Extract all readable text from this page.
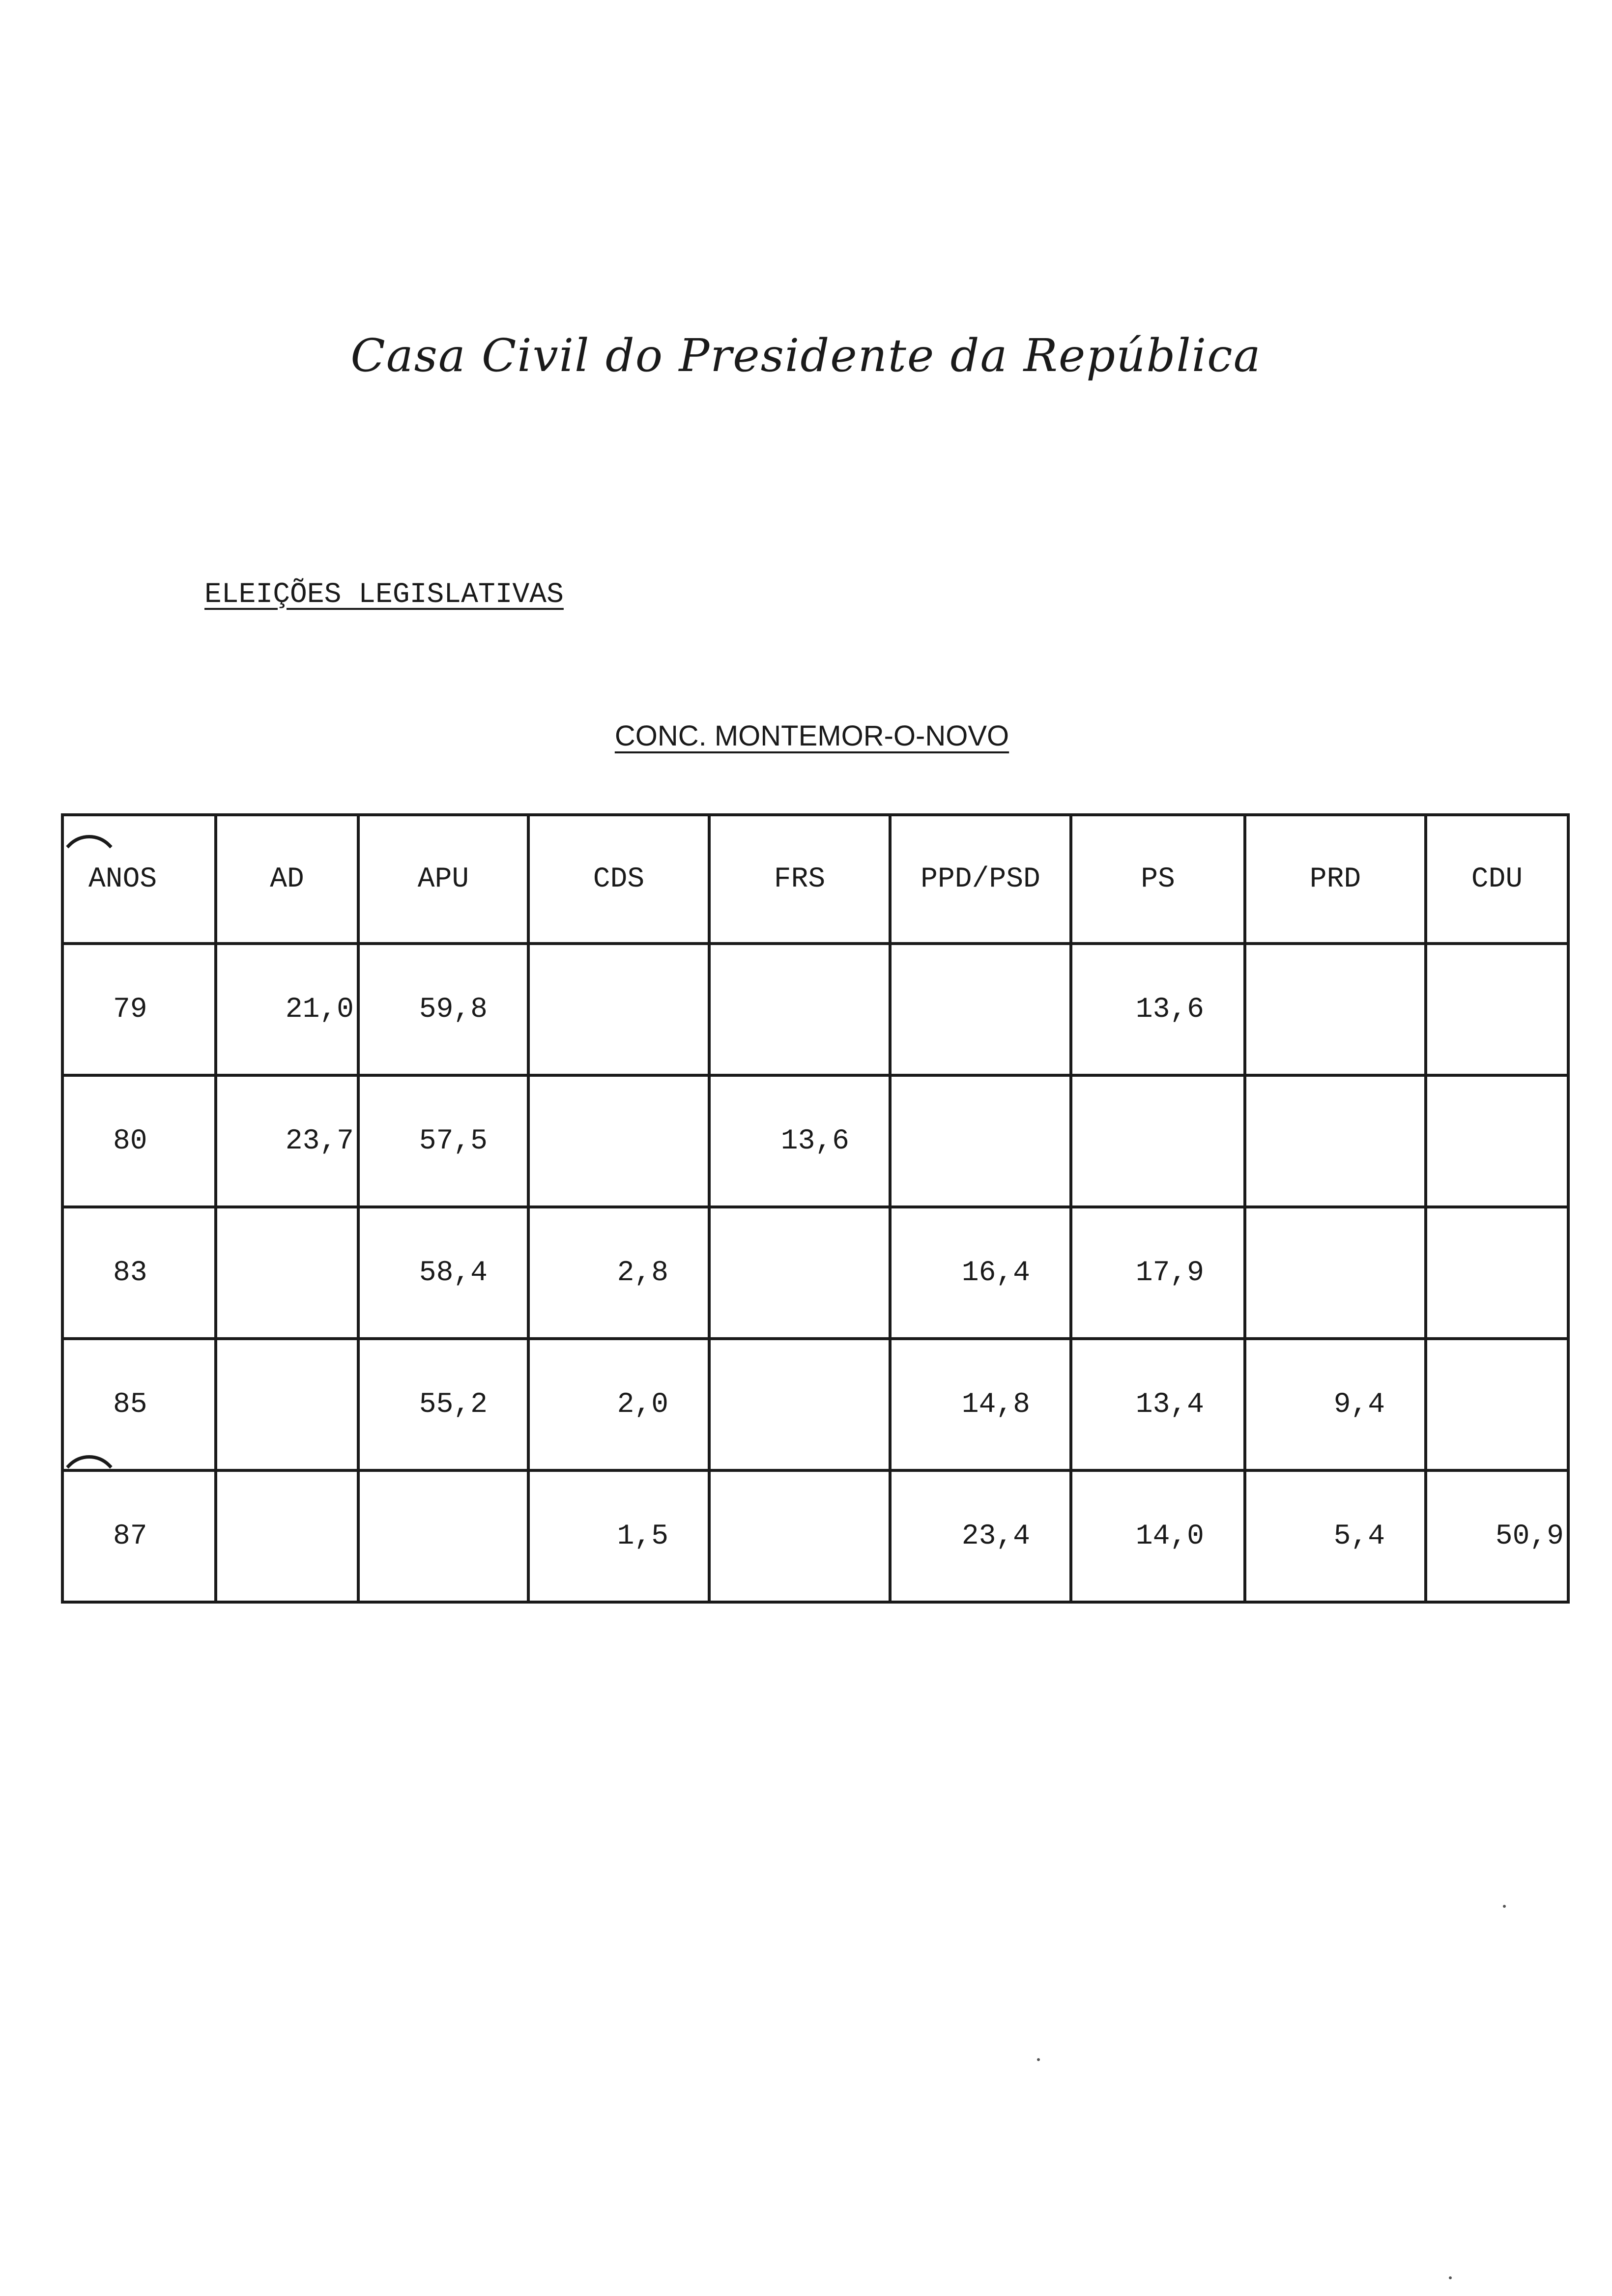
Casa Civil do Presidente da República
ELEIÇÕES LEGISLATIVAS
CONC. MONTEMOR-O-NOVO
ANOS	AD	APU	CDS	FRS	PPD/PSD	PS	PRD	CDU
79	21,0	59,8				13,6		
80	23,7	57,5		13,6				
83		58,4	2,8		16,4	17,9		
85		55,2	2,0		14,8	13,4	9,4	
87			1,5		23,4	14,0	5,4	50,9
